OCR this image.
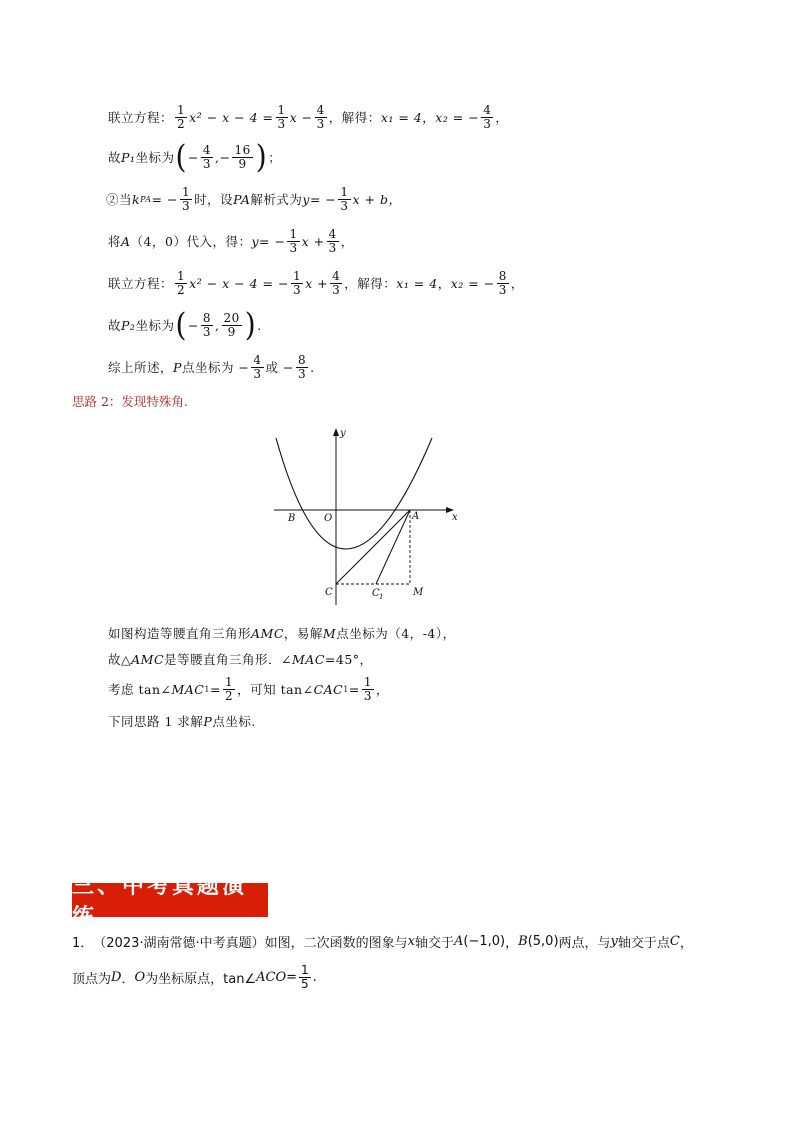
联立方程： $\frac{1}{2} x^2 - x - 4 = \frac{1}{3}$ $x - \frac{4}{3}$ ，解得： x₁ = 4 ， x₂ = − $\frac{4}{3}$ ，
故 P₁ 坐标为 ( − $\frac{4}{3}$ ,− $\frac{16}{9}$ ) ；
②当 k PA = − $\frac{1}{3}$ 时，设 PA 解析式为 y = − $\frac{1}{3}$ x + b，
将 A （4，0）代入，得： y = − $\frac{1}{3}$ $x + \frac{4}{3}$ ，
联立方程： $\frac{1}{2} x^2 - x - 4$ = − $\frac{1}{3}$ $x + \frac{4}{3}$ ，解得： x₁ = 4 ， x₂ = − $\frac{8}{3}$ ，
故 P₂ 坐标为 ( − $\frac{8}{3}$ , $\frac{20}{9}$ ) .
综上所述， P 点坐标为 − $\frac{4}{3}$ 或 − $\frac{8}{3}$ .
思路 2：发现特殊角.
y
x
B	O	A
C	C 1	M
如图构造等腰直角三角形 AMC ，易解 M 点坐标为（4，-4），
故△ AMC 是等腰直角三角形．∠ MAC =45°，
考虑 tan∠ MAC $1 = \frac{1}{2}$ ，可知 tan∠ CAC $1 = \frac{1}{3}$ ，
下同思路 1 求解 P 点坐标.
三、中考真题演练
1． （2023·湖南常德·中考真题） 如图，二次函数的图象与 x 轴交于 A (−1,0) ， B (5,0) 两点，与 y 轴交于点 C ，
顶点为 D ． O 为坐标原点，tan∠ ACO = $\frac{1}{5}$ .
